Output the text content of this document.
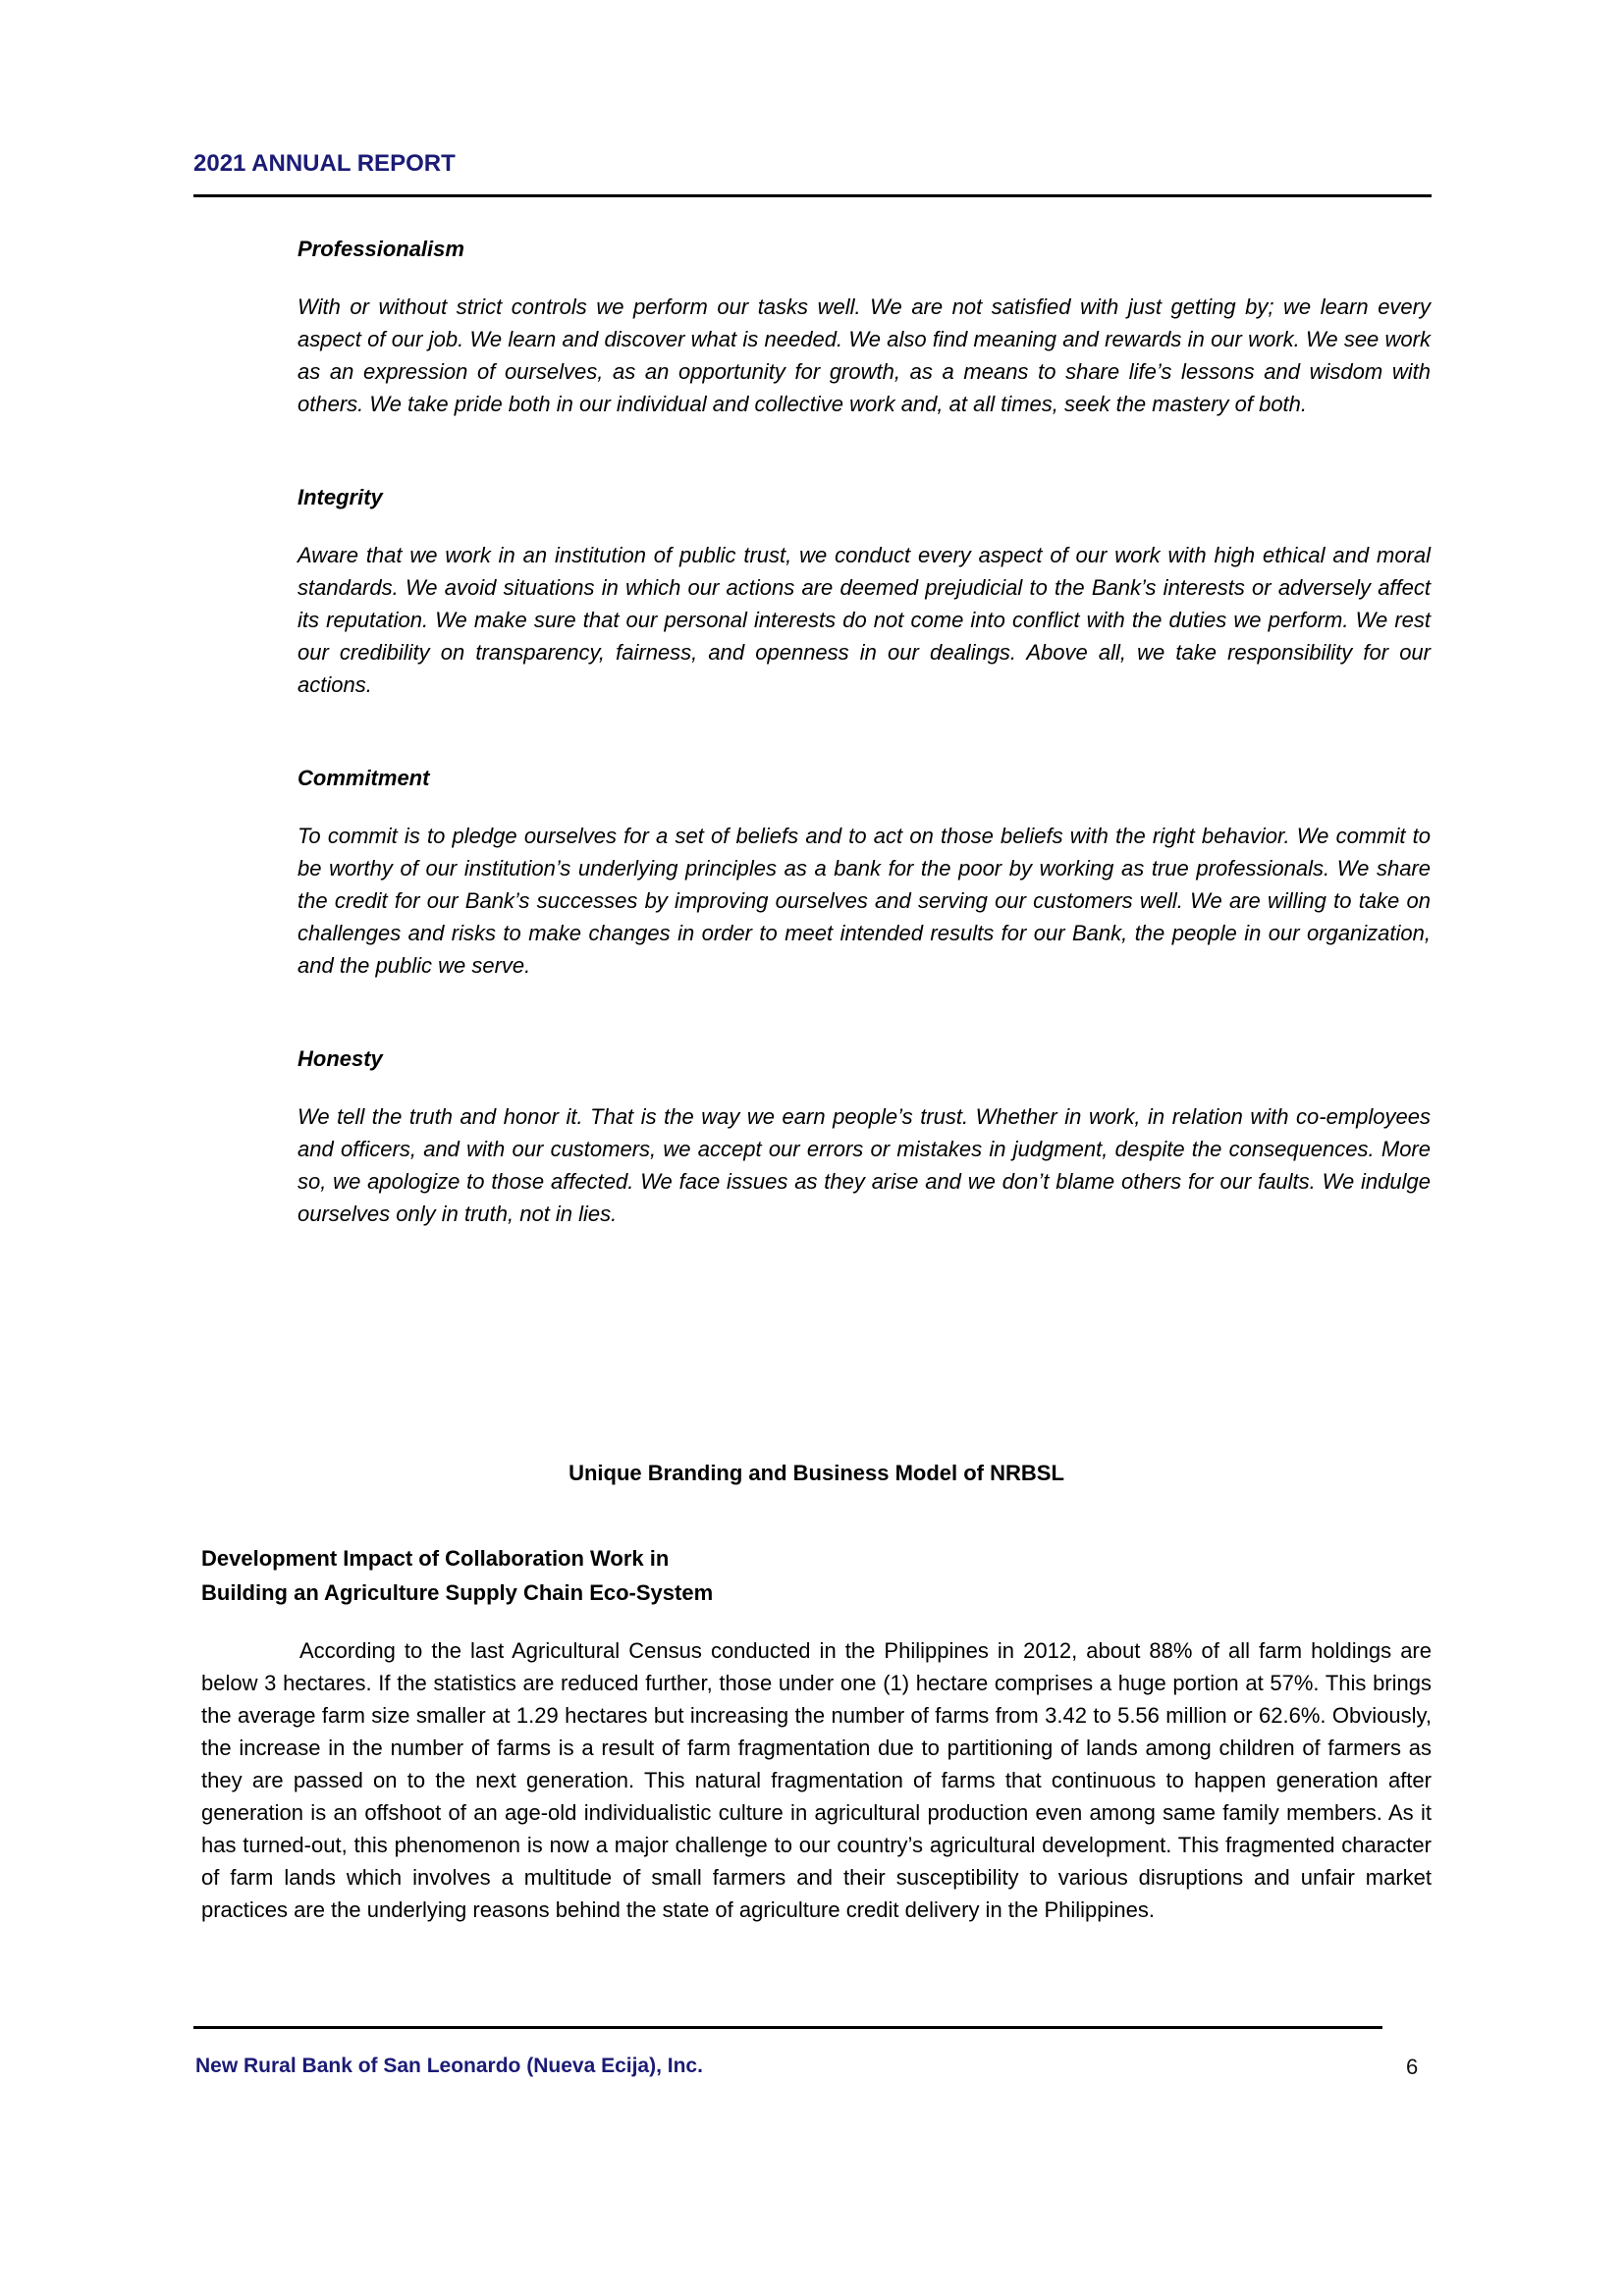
2021 ANNUAL REPORT
Professionalism

With or without strict controls we perform our tasks well. We are not satisfied with just getting by; we learn every aspect of our job. We learn and discover what is needed. We also find meaning and rewards in our work. We see work as an expression of ourselves, as an opportunity for growth, as a means to share life’s lessons and wisdom with others. We take pride both in our individual and collective work and, at all times, seek the mastery of both.

Integrity

Aware that we work in an institution of public trust, we conduct every aspect of our work with high ethical and moral standards. We avoid situations in which our actions are deemed prejudicial to the Bank’s interests or adversely affect its reputation. We make sure that our personal interests do not come into conflict with the duties we perform. We rest our credibility on transparency, fairness, and openness in our dealings. Above all, we take responsibility for our actions.

Commitment

To commit is to pledge ourselves for a set of beliefs and to act on those beliefs with the right behavior. We commit to be worthy of our institution’s underlying principles as a bank for the poor by working as true professionals. We share the credit for our Bank’s successes by improving ourselves and serving our customers well. We are willing to take on challenges and risks to make changes in order to meet intended results for our Bank, the people in our organization, and the public we serve.

Honesty

We tell the truth and honor it. That is the way we earn people’s trust. Whether in work, in relation with co-employees and officers, and with our customers, we accept our errors or mistakes in judgment, despite the consequences. More so, we apologize to those affected. We face issues as they arise and we don’t blame others for our faults. We indulge ourselves only in truth, not in lies.

Unique Branding and Business Model of NRBSL
Development Impact of Collaboration Work in
Building an Agriculture Supply Chain Eco-System

According to the last Agricultural Census conducted in the Philippines in 2012, about 88% of all farm holdings are below 3 hectares. If the statistics are reduced further, those under one (1) hectare comprises a huge portion at 57%. This brings the average farm size smaller at 1.29 hectares but increasing the number of farms from 3.42 to 5.56 million or 62.6%. Obviously, the increase in the number of farms is a result of farm fragmentation due to partitioning of lands among children of farmers as they are passed on to the next generation. This natural fragmentation of farms that continuous to happen generation after generation is an offshoot of an age-old individualistic culture in agricultural production even among same family members. As it has turned-out, this phenomenon is now a major challenge to our country’s agricultural development. This fragmented character of farm lands which involves a multitude of small farmers and their susceptibility to various disruptions and unfair market practices are the underlying reasons behind the state of agriculture credit delivery in the Philippines.

New Rural Bank of San Leonardo (Nueva Ecija), Inc.	6
